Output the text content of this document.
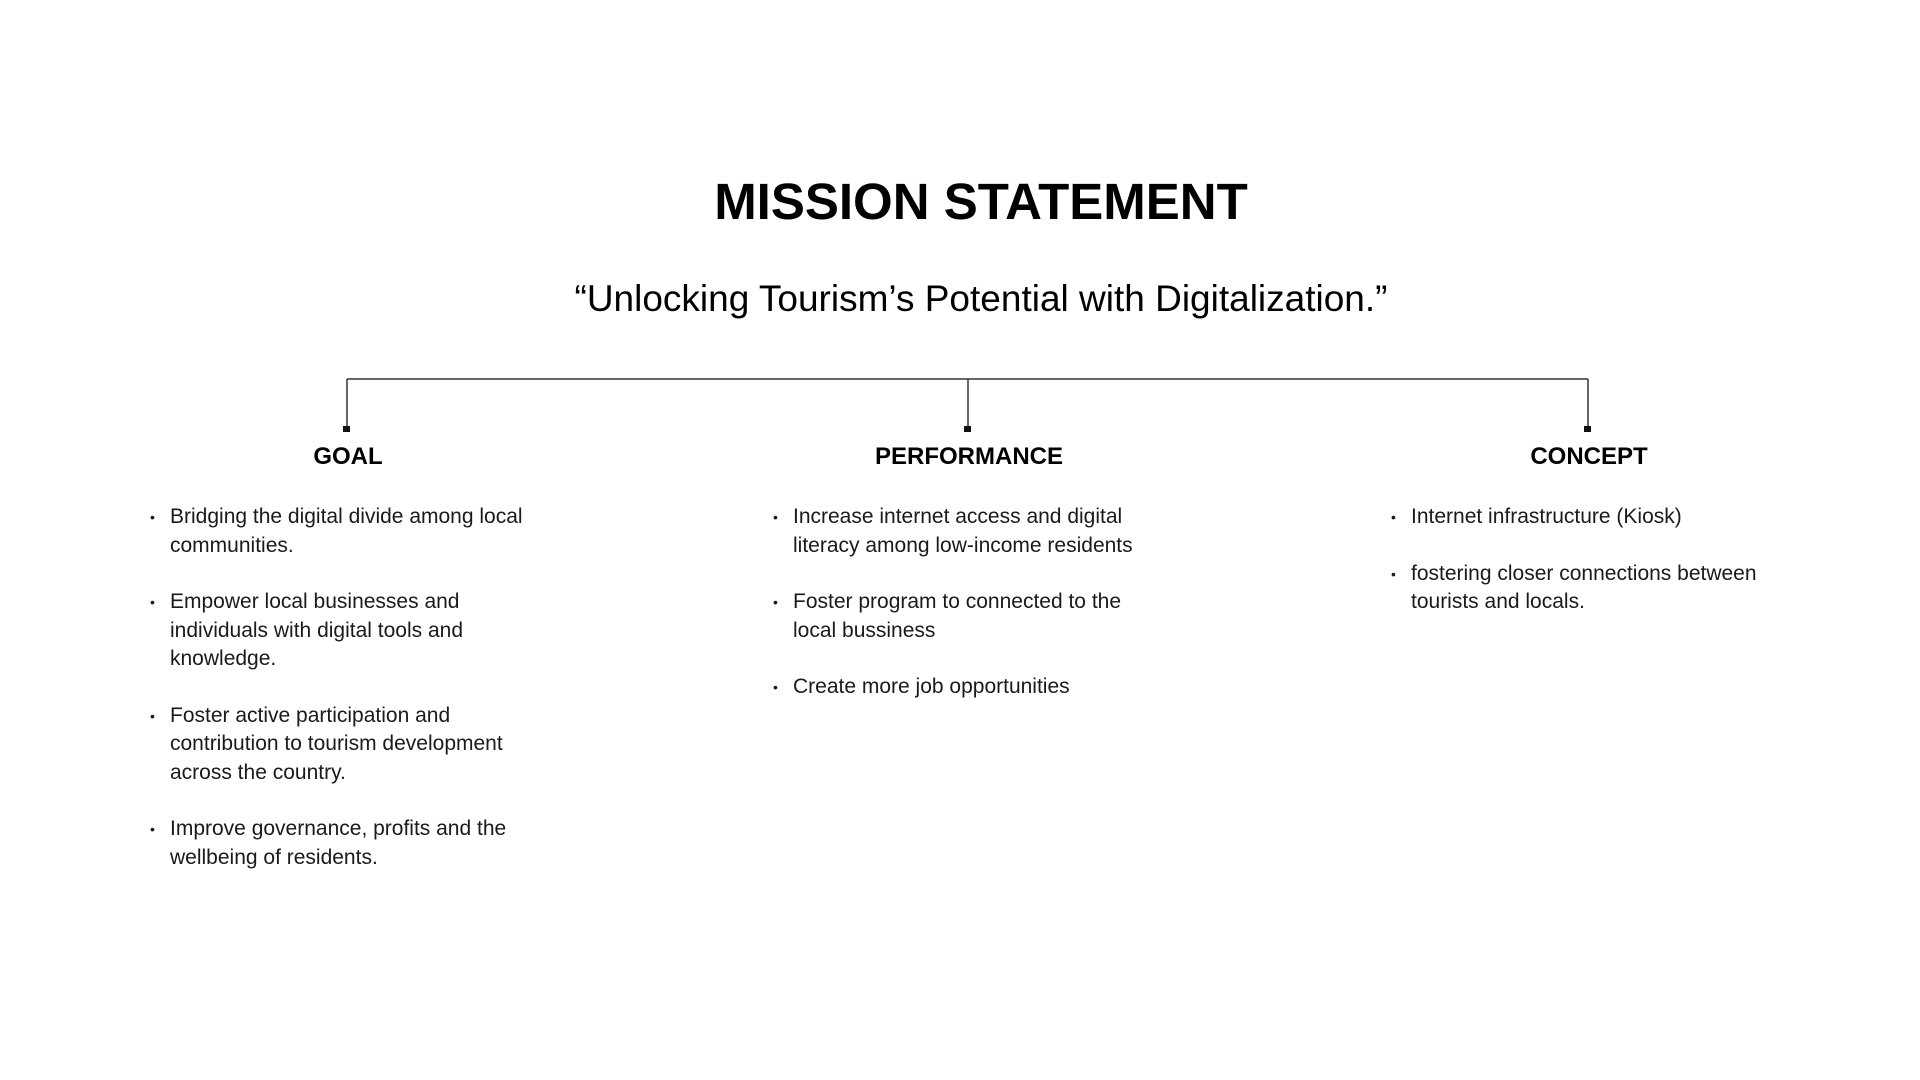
MISSION STATEMENT

“Unlocking Tourism’s Potential with Digitalization.”

GOAL	PERFORMANCE	CONCEPT
• Bridging the digital divide among local communities.
• Empower local businesses and individuals with digital tools and knowledge.
• Foster active participation and contribution to tourism development across the country.
• Improve governance, profits and the wellbeing of residents.
• Increase internet access and digital literacy among low-income residents
• Foster program to connected to the local bussiness
• Create more job opportunities
• Internet infrastructure (Kiosk)
• fostering closer connections between tourists and locals.
